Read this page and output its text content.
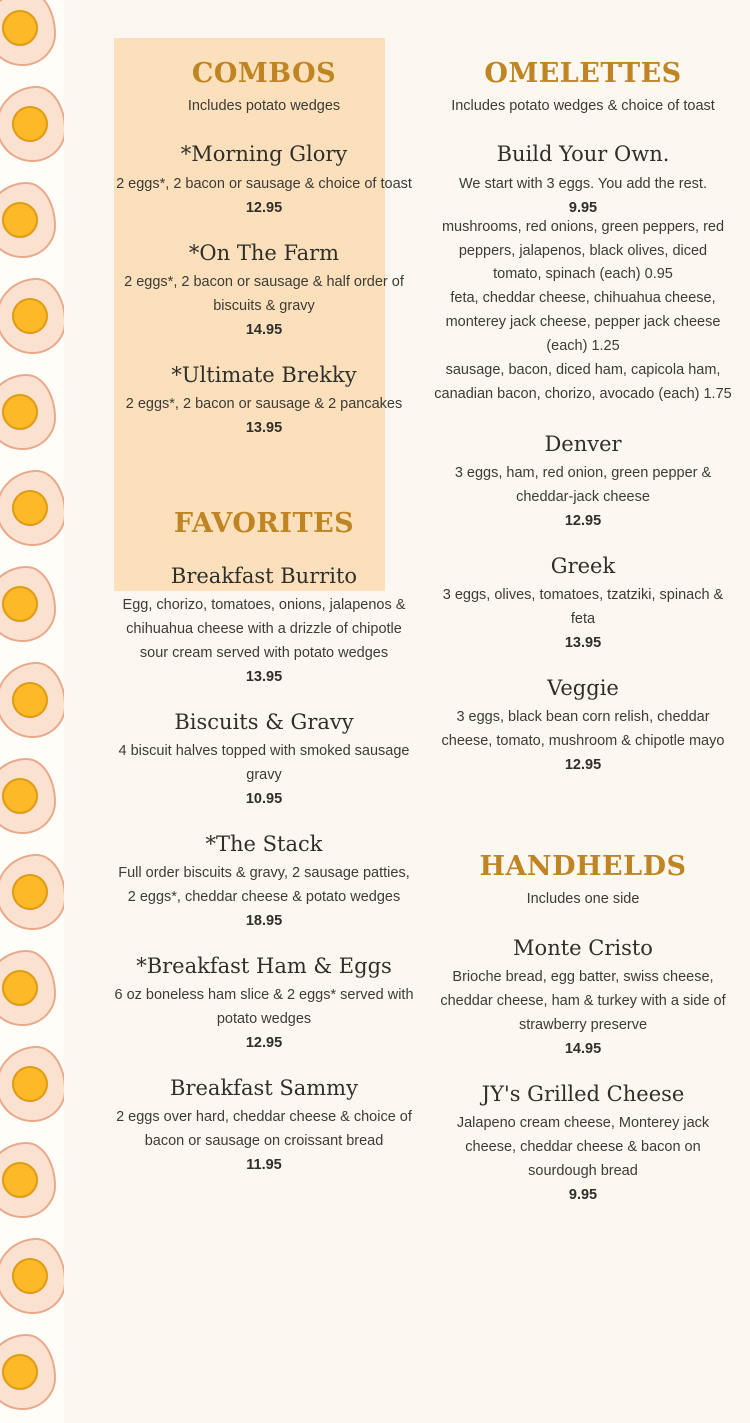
COMBOS

Includes potato wedges

*Morning Glory

2 eggs*, 2 bacon or sausage & choice of toast

12.95

*On The Farm

2 eggs*, 2 bacon or sausage & half order of biscuits & gravy

14.95

*Ultimate Brekky

2 eggs*, 2 bacon or sausage & 2 pancakes

13.95

FAVORITES
Breakfast Burrito

Egg, chorizo, tomatoes, onions, jalapenos & chihuahua cheese with a drizzle of chipotle sour cream served with potato wedges

13.95

Biscuits & Gravy

4 biscuit halves topped with smoked sausage gravy

10.95

*The Stack

Full order biscuits & gravy, 2 sausage patties, 2 eggs*, cheddar cheese & potato wedges

18.95

*Breakfast Ham & Eggs

6 oz boneless ham slice & 2 eggs* served with potato wedges

12.95

Breakfast Sammy

2 eggs over hard, cheddar cheese & choice of bacon or sausage on croissant bread

11.95

OMELETTES

Includes potato wedges & choice of toast

Build Your Own.

We start with 3 eggs. You add the rest.

9.95

mushrooms, red onions, green peppers, red peppers, jalapenos, black olives, diced tomato, spinach (each) 0.95

feta, cheddar cheese, chihuahua cheese, monterey jack cheese, pepper jack cheese (each) 1.25

sausage, bacon, diced ham, capicola ham, canadian bacon, chorizo, avocado (each) 1.75

Denver

3 eggs, ham, red onion, green pepper & cheddar-jack cheese

12.95

Greek

3 eggs, olives, tomatoes, tzatziki, spinach & feta

13.95

Veggie

3 eggs, black bean corn relish, cheddar cheese, tomato, mushroom & chipotle mayo

12.95

HANDHELDS

Includes one side

Monte Cristo

Brioche bread, egg batter, swiss cheese, cheddar cheese, ham & turkey with a side of strawberry preserve

14.95

JY's Grilled Cheese

Jalapeno cream cheese, Monterey jack cheese, cheddar cheese & bacon on sourdough bread

9.95
